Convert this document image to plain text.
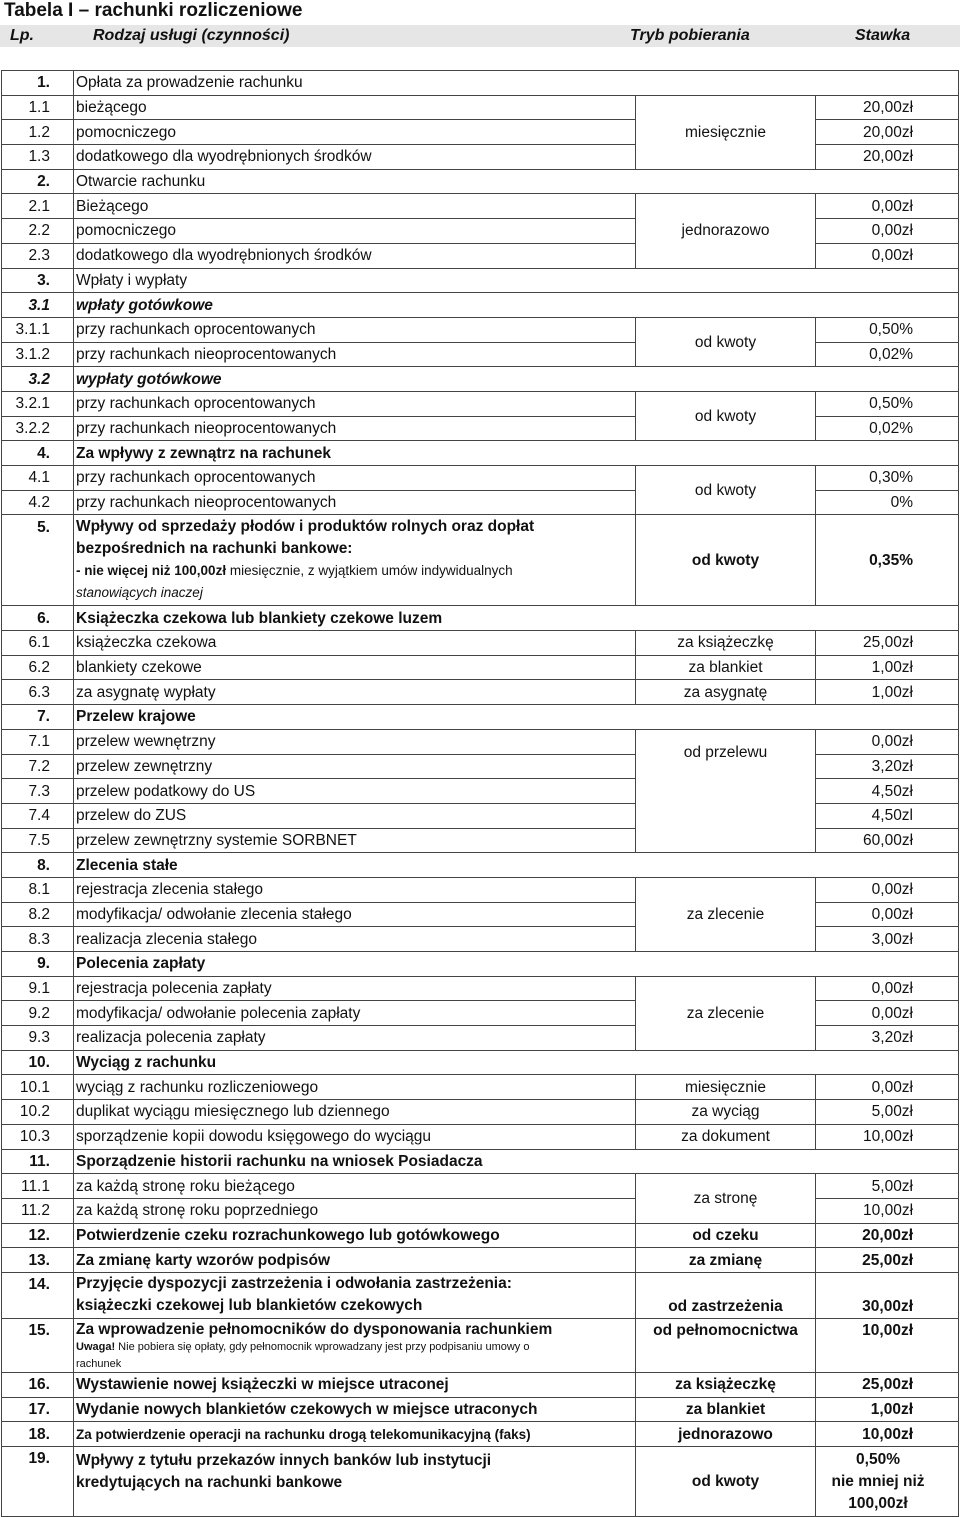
Tabela I – rachunki rozliczeniowe
Lp.	Rodzaj usługi (czynności)	Tryb pobierania	Stawka
1.	Opłata za prowadzenie rachunku		
1.1	bieżącego	miesięcznie	20,00zł
1.2	pomocniczego		20,00zł
1.3	dodatkowego dla wyodrębnionych środków		20,00zł
2.	Otwarcie rachunku		
2.1	Bieżącego	jednorazowo	0,00zł
2.2	pomocniczego		0,00zł
2.3	dodatkowego dla wyodrębnionych środków		0,00zł
3.	Wpłaty i wypłaty		
3.1	wpłaty gotówkowe		
3.1.1	przy rachunkach oprocentowanych	od kwoty	0,50%
3.1.2	przy rachunkach nieoprocentowanych		0,02%
3.2	wypłaty gotówkowe		
3.2.1	przy rachunkach oprocentowanych	od kwoty	0,50%
3.2.2	przy rachunkach nieoprocentowanych		0,02%
4.	Za wpływy z zewnątrz na rachunek		
4.1	przy rachunkach oprocentowanych	od kwoty	0,30%
4.2	przy rachunkach nieoprocentowanych		0%
5.	Wpływy od sprzedaży płodów i produktów rolnych oraz dopłat
bezpośrednich na rachunki bankowe:
- nie więcej niż 100,00zł miesięcznie, z wyjątkiem umów indywidualnych
stanowiących inaczej	od kwoty	0,35%
6.	Książeczka czekowa lub blankiety czekowe luzem		
6.1	książeczka czekowa	za książeczkę	25,00zł
6.2	blankiety czekowe	za blankiet	1,00zł
6.3	za asygnatę wypłaty	za asygnatę	1,00zł
7.	Przelew krajowe		
7.1	przelew wewnętrzny	od przelewu	0,00zł
7.2	przelew zewnętrzny		3,20zł
7.3	przelew podatkowy do US		4,50zł
7.4	przelew do ZUS		4,50zl
7.5	przelew zewnętrzny systemie SORBNET		60,00zł
8.	Zlecenia stałe		
8.1	rejestracja zlecenia stałego	za zlecenie	0,00zł
8.2	modyfikacja/ odwołanie zlecenia stałego		0,00zł
8.3	realizacja zlecenia stałego		3,00zł
9.	Polecenia zapłaty		
9.1	rejestracja polecenia zapłaty	za zlecenie	0,00zł
9.2	modyfikacja/ odwołanie polecenia zapłaty		0,00zł
9.3	realizacja polecenia zapłaty		3,20zł
10.	Wyciąg z rachunku		
10.1	wyciąg z rachunku rozliczeniowego	miesięcznie	0,00zł
10.2	duplikat wyciągu miesięcznego lub dziennego	za wyciąg	5,00zł
10.3	sporządzenie kopii dowodu księgowego do wyciągu	za dokument	10,00zł
11.	Sporządzenie historii rachunku na wniosek Posiadacza		
11.1	za każdą stronę roku bieżącego	za stronę	5,00zł
11.2	za każdą stronę roku poprzedniego		10,00zł
12.	Potwierdzenie czeku rozrachunkowego lub gotówkowego	od czeku	20,00zł
13.	Za zmianę karty wzorów podpisów	za zmianę	25,00zł
14.	Przyjęcie dyspozycji zastrzeżenia i odwołania zastrzeżenia:
książeczki czekowej lub blankietów czekowych	od zastrzeżenia	30,00zł
15.	Za wprowadzenie pełnomocników do dysponowania rachunkiem
Uwaga! Nie pobiera się opłaty, gdy pełnomocnik wprowadzany jest przy podpisaniu umowy o
rachunek	od pełnomocnictwa	10,00zł
16.	Wystawienie nowej książeczki w miejsce utraconej	za książeczkę	25,00zł
17.	Wydanie nowych blankietów czekowych w miejsce utraconych	za blankiet	1,00zł
18.	Za potwierdzenie operacji na rachunku drogą telekomunikacyjną (faks)	jednorazowo	10,00zł
19.	Wpływy z tytułu przekazów innych banków lub instytucji
kredytujących na rachunki bankowe	od kwoty	0,50%
nie mniej niż
100,00zł
